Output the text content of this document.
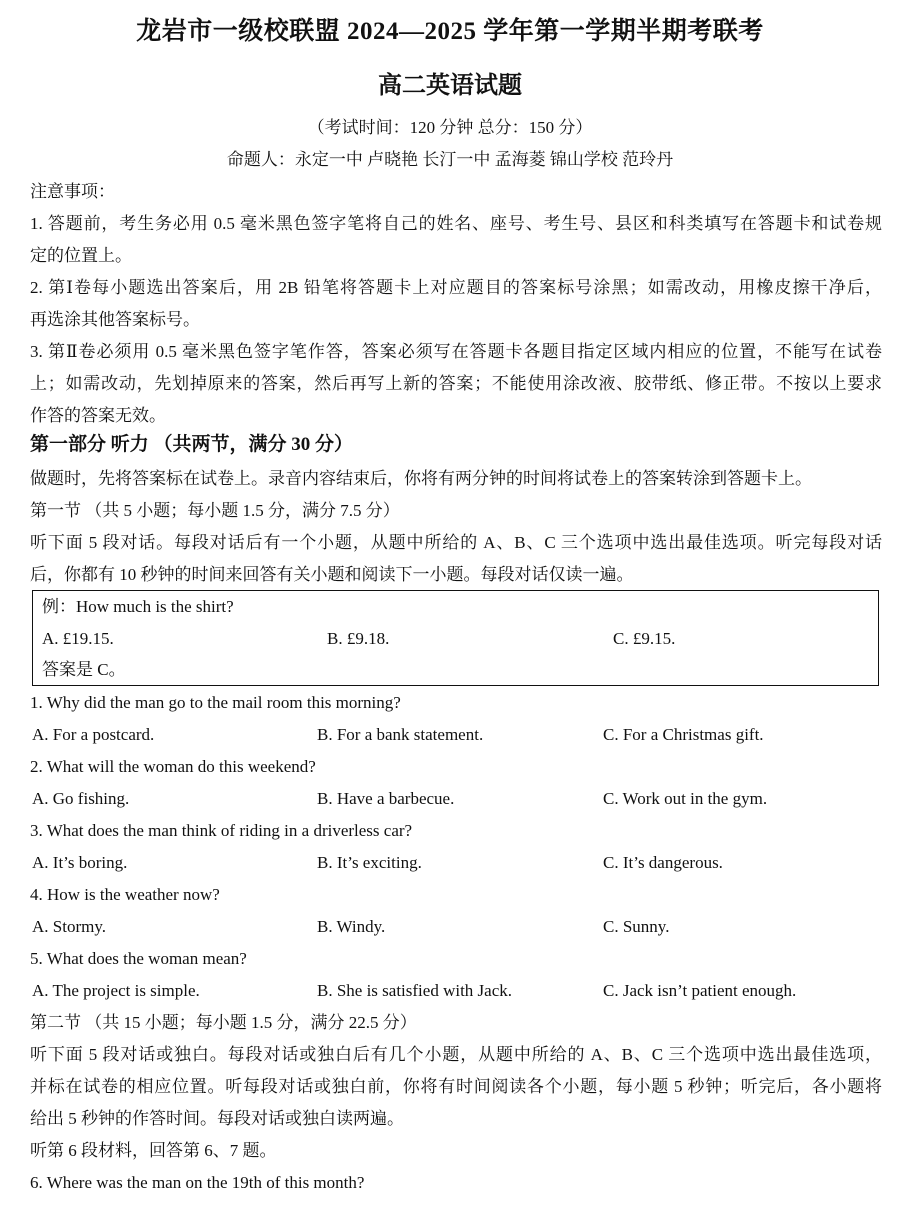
龙岩市一级校联盟 2024—2025 学年第一学期半期考联考
高二英语试题
（考试时间：120 分钟 总分：150 分）
命题人：永定一中 卢晓艳 长汀一中 孟海菱 锦山学校 范玲丹
注意事项：
1. 答题前，考生务必用 0.5 毫米黑色签字笔将自己的姓名、座号、考生号、县区和科类填写在答题卡和试卷规
定的位置上。
2. 第Ⅰ卷每小题选出答案后，用 2B 铅笔将答题卡上对应题目的答案标号涂黑；如需改动，用橡皮擦干净后，
再选涂其他答案标号。
3. 第Ⅱ卷必须用 0.5 毫米黑色签字笔作答，答案必须写在答题卡各题目指定区域内相应的位置，不能写在试卷
上；如需改动，先划掉原来的答案，然后再写上新的答案；不能使用涂改液、胶带纸、修正带。不按以上要求
作答的答案无效。
第一部分 听力 （共两节，满分 30 分）
做题时，先将答案标在试卷上。录音内容结束后，你将有两分钟的时间将试卷上的答案转涂到答题卡上。
第一节 （共 5 小题；每小题 1.5 分，满分 7.5 分）
听下面 5 段对话。每段对话后有一个小题，从题中所给的 A、B、C 三个选项中选出最佳选项。听完每段对话
后，你都有 10 秒钟的时间来回答有关小题和阅读下一小题。每段对话仅读一遍。
例：How much is the shirt?
A. £19.15.	B. £9.18.	C. £9.15.
答案是 C。
1. Why did the man go to the mail room this morning?
A. For a postcard.	B. For a bank statement.	C. For a Christmas gift.
2. What will the woman do this weekend?
A. Go fishing.	B. Have a barbecue.	C. Work out in the gym.
3. What does the man think of riding in a driverless car?
A. It’s boring.	B. It’s exciting.	C. It’s dangerous.
4. How is the weather now?
A. Stormy.	B. Windy.	C. Sunny.
5. What does the woman mean?
A. The project is simple.	B. She is satisfied with Jack.	C. Jack isn’t patient enough.
第二节 （共 15 小题；每小题 1.5 分，满分 22.5 分）
听下面 5 段对话或独白。每段对话或独白后有几个小题，从题中所给的 A、B、C 三个选项中选出最佳选项，
并标在试卷的相应位置。听每段对话或独白前，你将有时间阅读各个小题，每小题 5 秒钟；听完后，各小题将
给出 5 秒钟的作答时间。每段对话或独白读两遍。
听第 6 段材料，回答第 6、7 题。
6. Where was the man on the 19th of this month?
